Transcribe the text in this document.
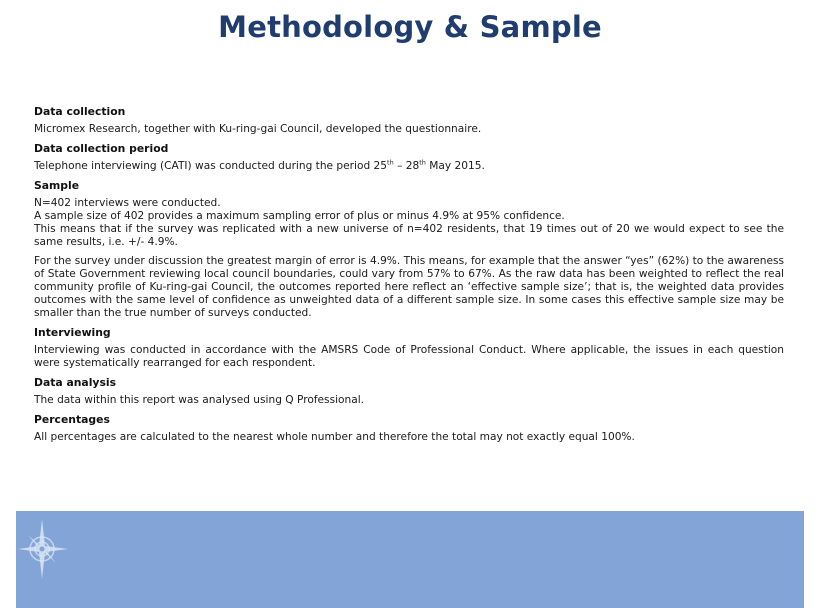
Methodology & Sample
Data collection

Micromex Research, together with Ku-ring-gai Council, developed the questionnaire.

Data collection period

Telephone interviewing (CATI) was conducted during the period 25th – 28th May 2015.

Sample

N=402 interviews were conducted.

A sample size of 402 provides a maximum sampling error of plus or minus 4.9% at 95% confidence.

This means that if the survey was replicated with a new universe of n=402 residents, that 19 times out of 20 we would expect to see the same results, i.e. +/- 4.9%.

For the survey under discussion the greatest margin of error is 4.9%. This means, for example that the answer “yes” (62%) to the awareness of State Government reviewing local council boundaries, could vary from 57% to 67%. As the raw data has been weighted to reflect the real community profile of Ku-ring-gai Council, the outcomes reported here reflect an ‘effective sample size’; that is, the weighted data provides outcomes with the same level of confidence as unweighted data of a different sample size. In some cases this effective sample size may be smaller than the true number of surveys conducted.

Interviewing

Interviewing was conducted in accordance with the AMSRS Code of Professional Conduct. Where applicable, the issues in each question were systematically rearranged for each respondent.

Data analysis

The data within this report was analysed using Q Professional.

Percentages

All percentages are calculated to the nearest whole number and therefore the total may not exactly equal 100%.
